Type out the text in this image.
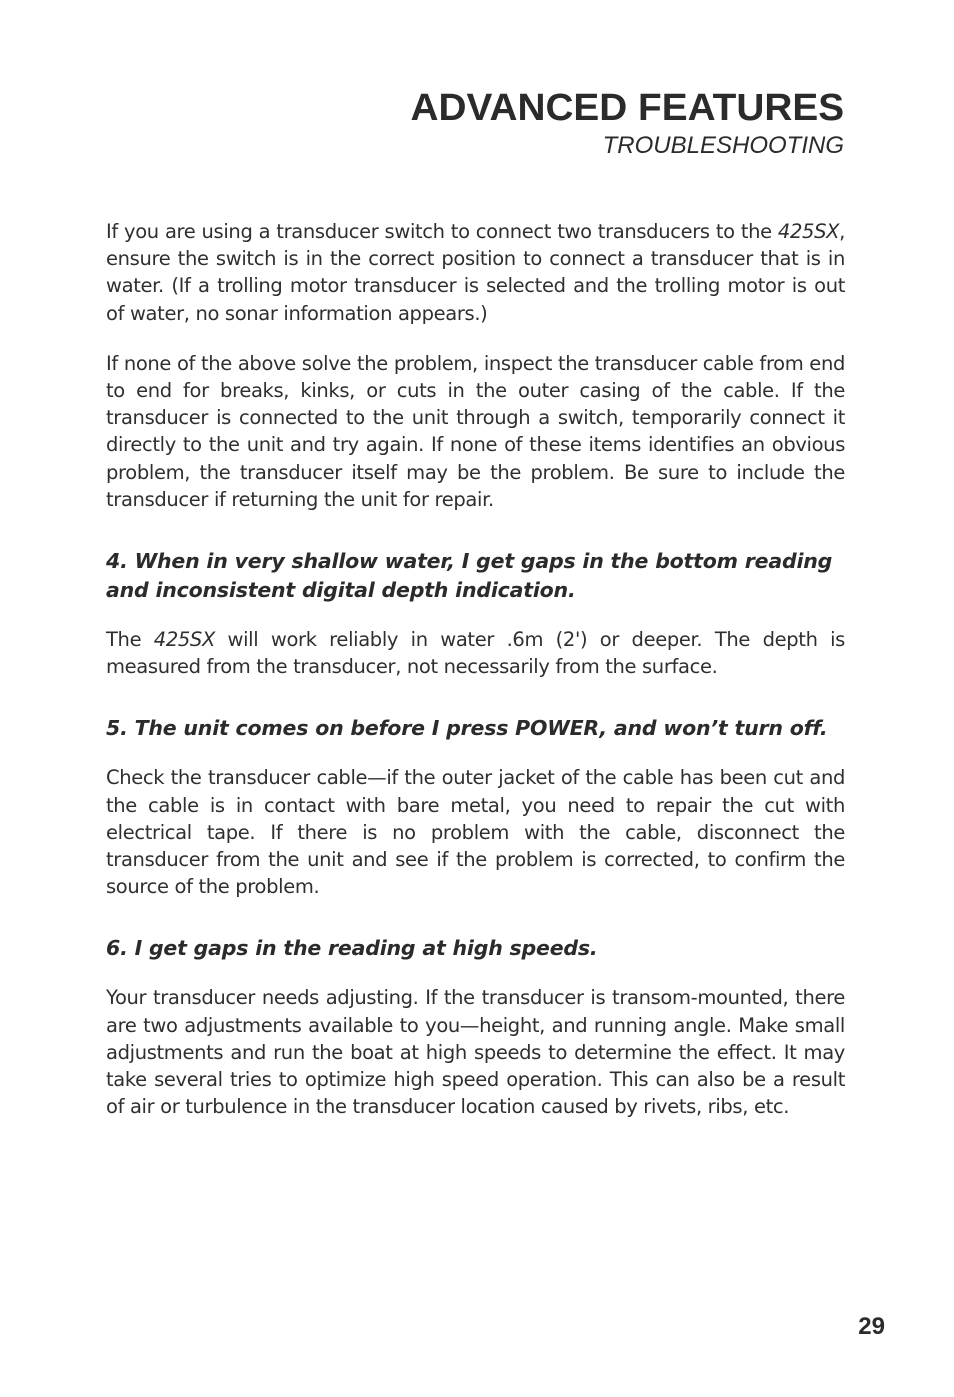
ADVANCED FEATURES
TROUBLESHOOTING

If you are using a transducer switch to connect two transducers to the 425SX, ensure the switch is in the correct position to connect a transducer that is in water. (If a trolling motor transducer is selected and the trolling motor is out of water, no sonar information appears.)

If none of the above solve the problem, inspect the transducer cable from end to end for breaks, kinks, or cuts in the outer casing of the cable. If the transducer is connected to the unit through a switch, temporarily connect it directly to the unit and try again. If none of these items identifies an obvious problem, the transducer itself may be the problem. Be sure to include the transducer if returning the unit for repair.

4. When in very shallow water, I get gaps in the bottom reading and inconsistent digital depth indication.

The 425SX will work reliably in water .6m (2') or deeper. The depth is measured from the transducer, not necessarily from the surface.

5. The unit comes on before I press POWER, and won’t turn off.

Check the transducer cable—if the outer jacket of the cable has been cut and the cable is in contact with bare metal, you need to repair the cut with electrical tape. If there is no problem with the cable, disconnect the transducer from the unit and see if the problem is corrected, to confirm the source of the problem.

6. I get gaps in the reading at high speeds.

Your transducer needs adjusting. If the transducer is transom-mounted, there are two adjustments available to you—height, and running angle. Make small adjustments and run the boat at high speeds to determine the effect. It may take several tries to optimize high speed operation. This can also be a result of air or turbulence in the transducer location caused by rivets, ribs, etc.

29
